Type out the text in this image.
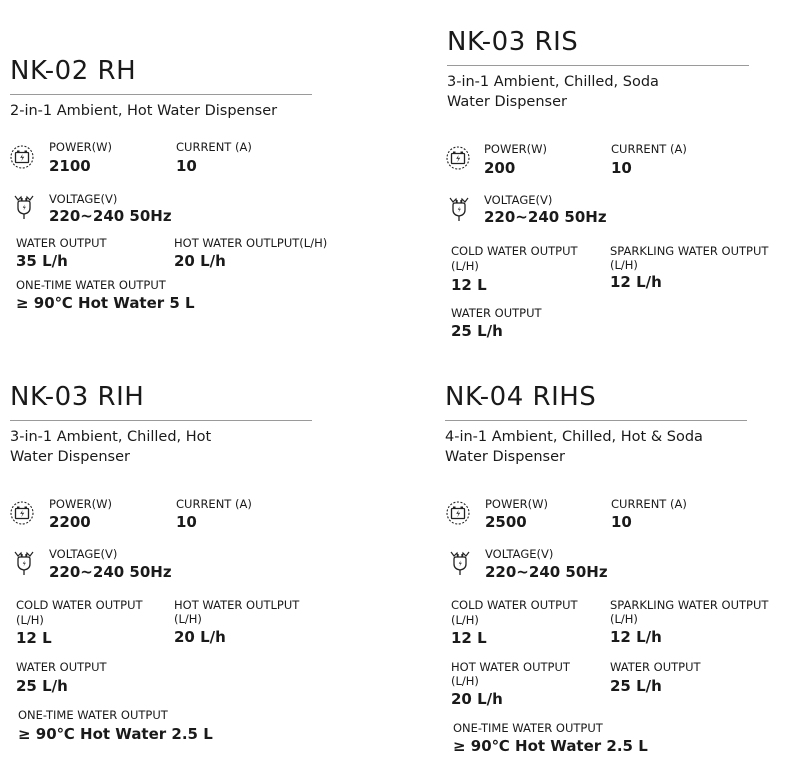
NK-02 RH
2-in-1 Ambient, Hot Water Dispenser
POWER(W)
2100
CURRENT (A)
10
VOLTAGE(V)
220~240 50Hz
WATER OUTPUT
35 L/h
HOT WATER OUTLPUT(L/H)
20 L/h
ONE-TIME WATER OUTPUT
≥ 90℃ Hot Water 5 L
NK-03 RIS
3-in-1 Ambient, Chilled, Soda
Water Dispenser
POWER(W)
200
CURRENT (A)
10
VOLTAGE(V)
220~240 50Hz
COLD WATER OUTPUT
(L/H)
12 L
SPARKLING WATER OUTPUT
(L/H)
12 L/h
WATER OUTPUT
25 L/h
NK-03 RIH
3-in-1 Ambient, Chilled, Hot
Water Dispenser
POWER(W)
2200
CURRENT (A)
10
VOLTAGE(V)
220~240 50Hz
COLD WATER OUTPUT
(L/H)
12 L
HOT WATER OUTLPUT
(L/H)
20 L/h
WATER OUTPUT
25 L/h
ONE-TIME WATER OUTPUT
≥ 90℃ Hot Water 2.5 L
NK-04 RIHS
4-in-1 Ambient, Chilled, Hot & Soda
Water Dispenser
POWER(W)
2500
CURRENT (A)
10
VOLTAGE(V)
220~240 50Hz
COLD WATER OUTPUT
(L/H)
12 L
SPARKLING WATER OUTPUT
(L/H)
12 L/h
HOT WATER OUTPUT
(L/H)
20 L/h
WATER OUTPUT
25 L/h
ONE-TIME WATER OUTPUT
≥ 90℃ Hot Water 2.5 L
